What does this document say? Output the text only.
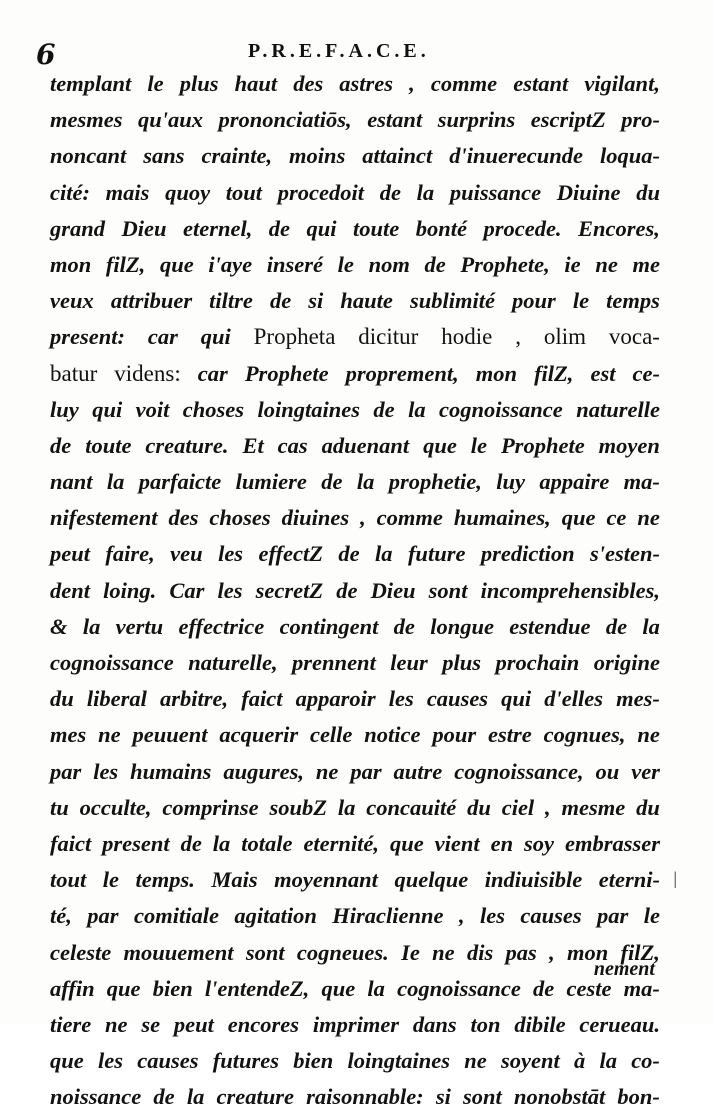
6	P.R.E.F.A.C.E.
templant le plus haut des astres , comme estant vigilant,
mesmes qu'aux prononciatiōs, estant surprins escriptZ pro-
noncant sans crainte, moins attainct d'inuerecunde loqua-
cité: mais quoy tout procedoit de la puissance Diuine du
grand Dieu eternel, de qui toute bonté procede. Encores,
mon filZ, que i'aye inseré le nom de Prophete, ie ne me
veux attribuer tiltre de si haute sublimité pour le temps
present: car qui Propheta dicitur hodie , olim voca-
batur videns: car Prophete proprement, mon filZ, est ce-
luy qui voit choses loingtaines de la cognoissance naturelle
de toute creature. Et cas aduenant que le Prophete moyen
nant la parfaicte lumiere de la prophetie, luy appaire ma-
nifestement des choses diuines , comme humaines, que ce ne
peut faire, veu les effectZ de la future prediction s'esten-
dent loing. Car les secretZ de Dieu sont incomprehensibles,
& la vertu effectrice contingent de longue estendue de la
cognoissance naturelle, prennent leur plus prochain origine
du liberal arbitre, faict apparoir les causes qui d'elles mes-
mes ne peuuent acquerir celle notice pour estre cognues, ne
par les humains augures, ne par autre cognoissance, ou ver
tu occulte, comprinse soubZ la concauité du ciel , mesme du
faict present de la totale eternité, que vient en soy embrasser
tout le temps. Mais moyennant quelque indiuisible eterni-
té, par comitiale agitation Hiraclienne , les causes par le
celeste mouuement sont cogneues. Ie ne dis pas , mon filZ,
affin que bien l'entendeZ, que la cognoissance de ceste ma-
tiere ne se peut encores imprimer dans ton dibile cerueau.
que les causes futures bien loingtaines ne soyent à la co-
noissance de la creature raisonnable: si sont nonobstāt bon-
|
nement
